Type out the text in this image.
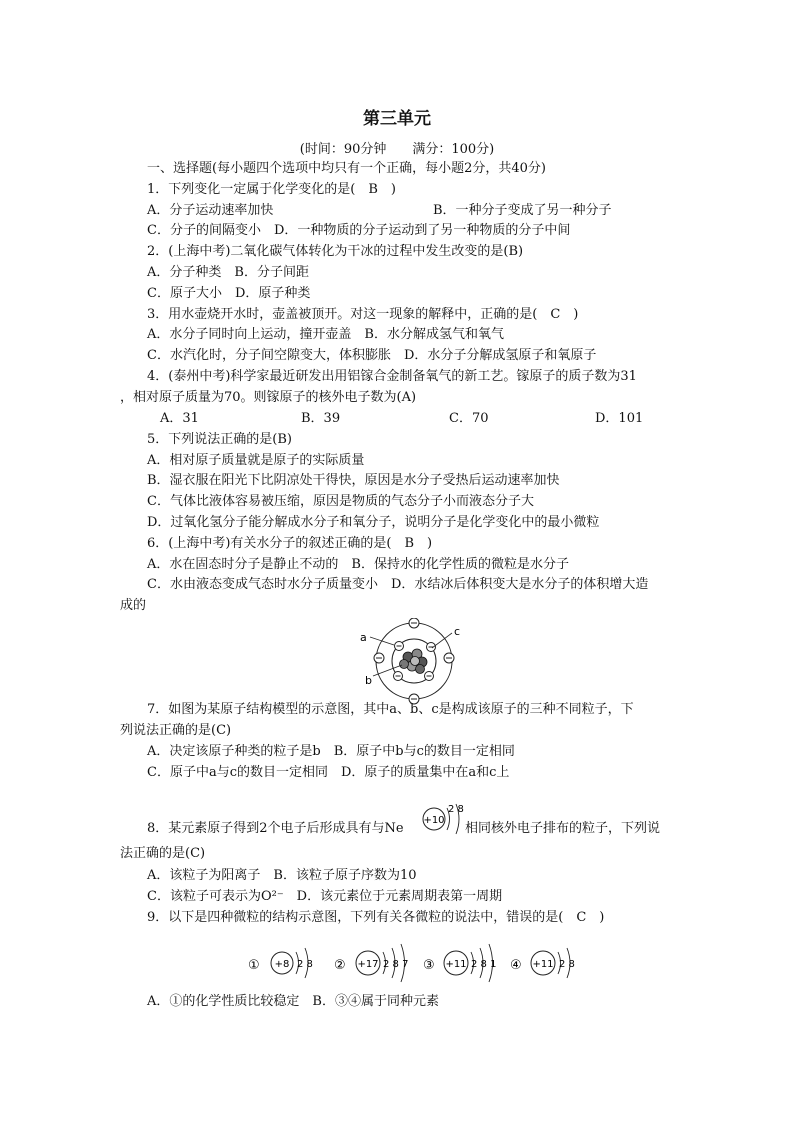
第三单元
(时间：90分钟　　满分：100分)
一、选择题(每小题四个选项中均只有一个正确，每小题2分，共40分)
1．下列变化一定属于化学变化的是(　B　)
A．分子运动速率加快	B．一种分子变成了另一种分子
C．分子的间隔变小　D．一种物质的分子运动到了另一种物质的分子中间
2．(上海中考)二氧化碳气体转化为干冰的过程中发生改变的是(B)
A．分子种类　B．分子间距
C．原子大小　D．原子种类
3．用水壶烧开水时，壶盖被顶开。对这一现象的解释中，正确的是(　C　)
A．水分子同时向上运动，撞开壶盖　B．水分解成氢气和氧气
C．水汽化时，分子间空隙变大，体积膨胀　D．水分子分解成氢原子和氧原子
4．(泰州中考)科学家最近研发出用铝镓合金制备氧气的新工艺。镓原子的质子数为31
，相对原子质量为70。则镓原子的核外电子数为(A)
A．31	B．39	C．70	D．101
5．下列说法正确的是(B)
A．相对原子质量就是原子的实际质量
B．湿衣服在阳光下比阴凉处干得快，原因是水分子受热后运动速率加快
C．气体比液体容易被压缩，原因是物质的气态分子小而液态分子大
D．过氧化氢分子能分解成水分子和氧分子，说明分子是化学变化中的最小微粒
6．(上海中考)有关水分子的叙述正确的是(　B　)
A．水在固态时分子是静止不动的　B．保持水的化学性质的微粒是水分子
C．水由液态变成气态时水分子质量变小　D．水结冰后体积变大是水分子的体积增大造
成的
a	c
b
7．如图为某原子结构模型的示意图，其中a、b、c是构成该原子的三种不同粒子，下
列说法正确的是(C)
A．决定该原子种类的粒子是b　B．原子中b与c的数目一定相同
C．原子中a与c的数目一定相同　D．原子的质量集中在a和c上
8．某元素原子得到2个电子后形成具有与Ne
+10
2 8
相同核外电子排布的粒子，下列说
法正确的是(C)
A．该粒子为阳离子　B．该粒子原子序数为10
C．该粒子可表示为O²⁻　D．该元素位于元素周期表第一周期
9．以下是四种微粒的结构示意图，下列有关各微粒的说法中，错误的是(　C　)
① +8 2 8 ② +17 2 8 7 ③ +11 2 8 1 ④ +11 2 8
A．①的化学性质比较稳定　B．③④属于同种元素
